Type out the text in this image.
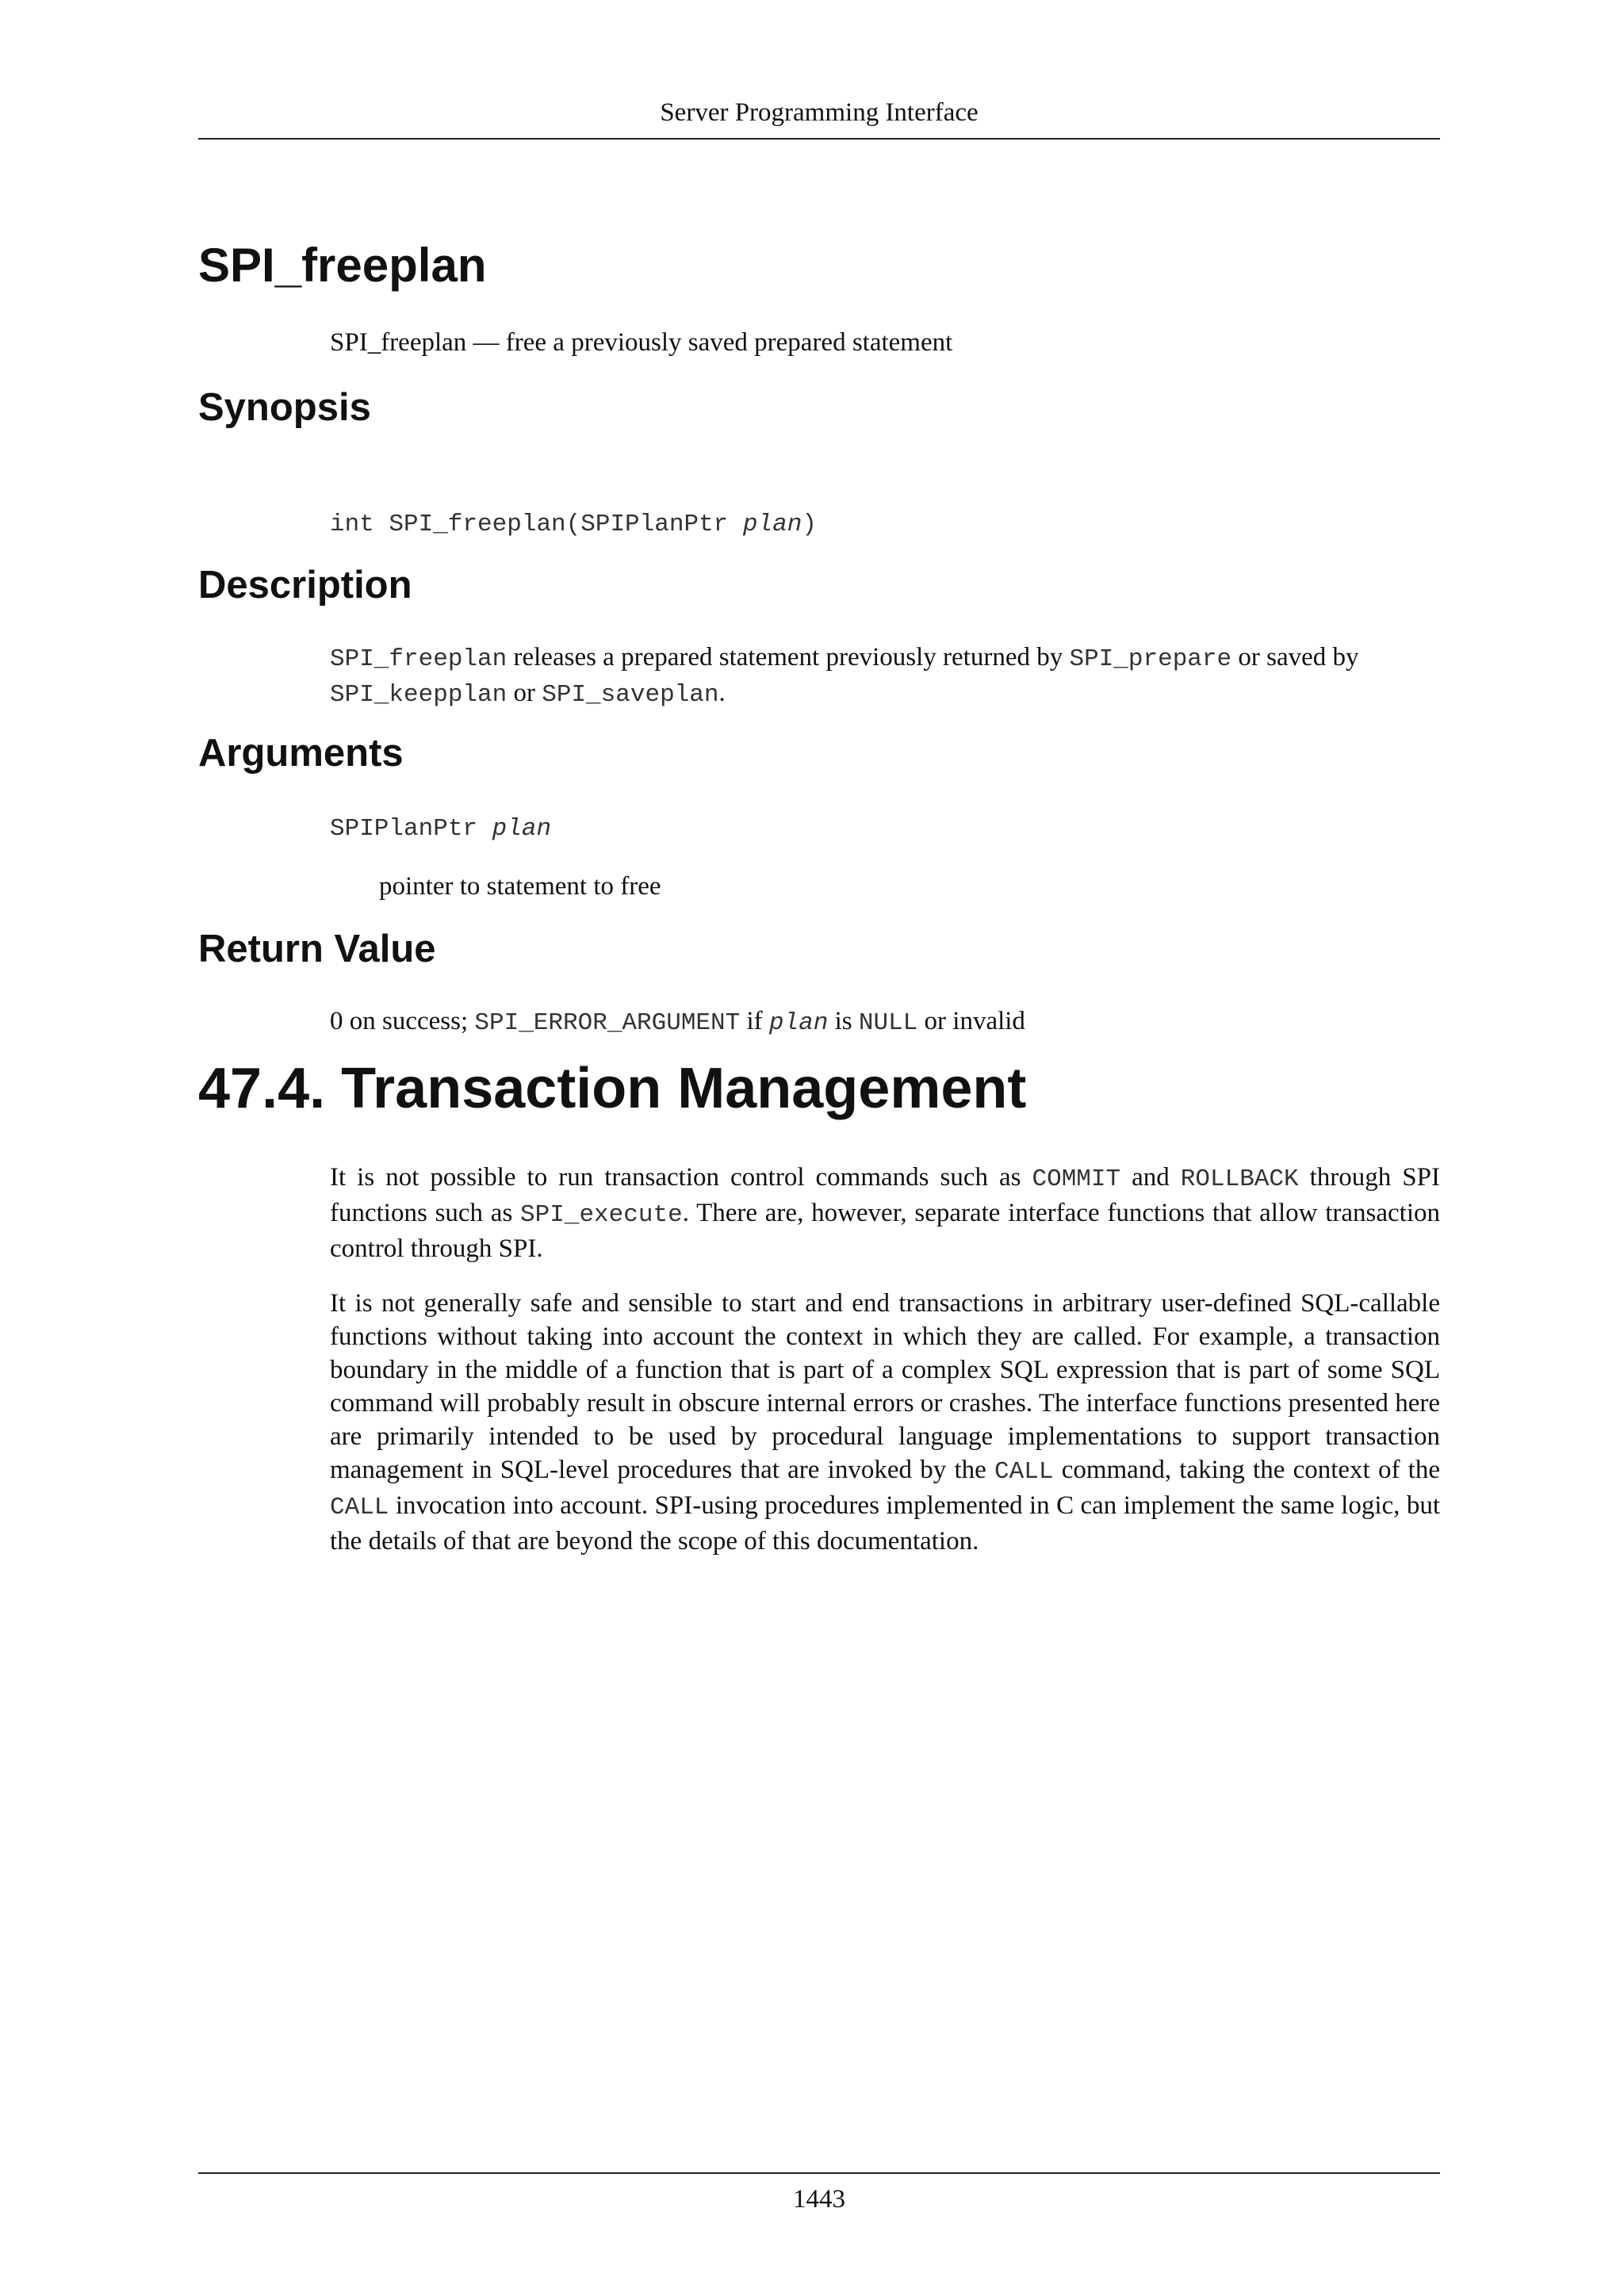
Server Programming Interface
SPI_freeplan
SPI_freeplan — free a previously saved prepared statement
Synopsis
int SPI_freeplan(SPIPlanPtr plan)
Description
SPI_freeplan releases a prepared statement previously returned by SPI_prepare or saved by
SPI_keepplan or SPI_saveplan.
Arguments
SPIPlanPtr plan
pointer to statement to free
Return Value
0 on success; SPI_ERROR_ARGUMENT if plan is NULL or invalid
47.4. Transaction Management
It is not possible to run transaction control commands such as COMMIT and ROLLBACK through SPI functions such as SPI_execute. There are, however, separate interface functions that allow transaction control through SPI.
It is not generally safe and sensible to start and end transactions in arbitrary user-defined SQL-callable functions without taking into account the context in which they are called. For example, a transaction boundary in the middle of a function that is part of a complex SQL expression that is part of some SQL command will probably result in obscure internal errors or crashes. The interface functions presented here are primarily intended to be used by procedural language implementations to support transaction management in SQL-level procedures that are invoked by the CALL command, taking the context of the CALL invocation into account. SPI-using procedures implemented in C can implement the same logic, but the details of that are beyond the scope of this documentation.
1443
